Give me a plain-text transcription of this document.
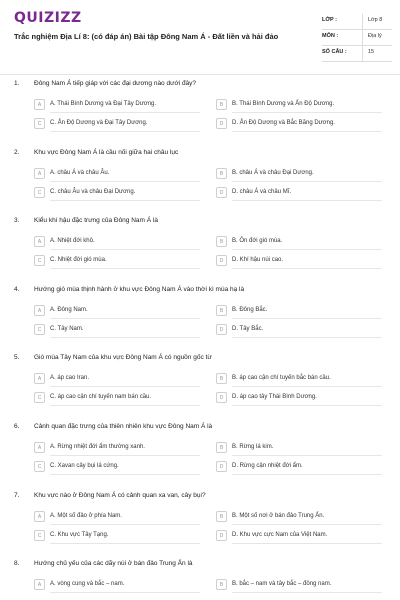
QUIZIZZ
Trắc nghiệm Địa Lí 8: (có đáp án) Bài tập Đông Nam Á - Đất liền và hải đảo
LỚP :	Lớp 8
MÔN :	Địa lý
SỐ CÂU :	15
1. Đông Nam Á tiếp giáp với các đại dương nào dưới đây?
A	A. Thái Bình Dương và Đại Tây Dương.	B	B. Thái Bình Dương và Ấn Độ Dương.
C	C. Ấn Độ Dương và Đại Tây Dương.	D	D. Ấn Độ Dương và Bắc Băng Dương.
2. Khu vực Đông Nam Á là cầu nối giữa hai châu lục
A	A. châu Á và châu Âu.	B	B. châu Á và châu Đại Dương.
C	C. châu Âu và châu Đại Dương.	D	D. châu Á và châu Mĩ.
3. Kiểu khí hậu đặc trưng của Đông Nam Á là
A	A. Nhiệt đới khô.	B	B. Ôn đới gió mùa.
C	C. Nhiệt đới gió mùa.	D	D. Khí hậu núi cao.
4. Hướng gió mùa thịnh hành ở khu vực Đông Nam Á vào thời kì mùa hạ là
A	A. Đông Nam.	B	B. Đông Bắc.
C	C. Tây Nam.	D	D. Tây Bắc.
5. Gió mùa Tây Nam của khu vực Đông Nam Á có nguồn gốc từ
A	A. áp cao Iran.	B	B. áp cao cận chí tuyến bắc bán cầu.
C	C. áp cao cận chí tuyến nam bán cầu.	D	D. áp cao tây Thái Bình Dương.
6. Cảnh quan đặc trưng của thiên nhiên khu vực Đông Nam Á là
A	A. Rừng nhiệt đới ẩm thường xanh.	B	B. Rừng lá kim.
C	C. Xavan cây bụi lá cứng.	D	D. Rừng cận nhiệt đới ẩm.
7. Khu vực nào ở Đông Nam Á có cảnh quan xa van, cây bụi?
A	A. Một số đảo ở phía Nam.	B	B. Một số nơi ở bán đảo Trung Ấn.
C	C. Khu vực Tây Tạng.	D	D. Khu vực cực Nam của Việt Nam.
8. Hướng chủ yếu của các dãy núi ở bán đảo Trung Ấn là
A	A. vòng cung và bắc – nam.	B	B. bắc – nam và tây bắc – đông nam.
